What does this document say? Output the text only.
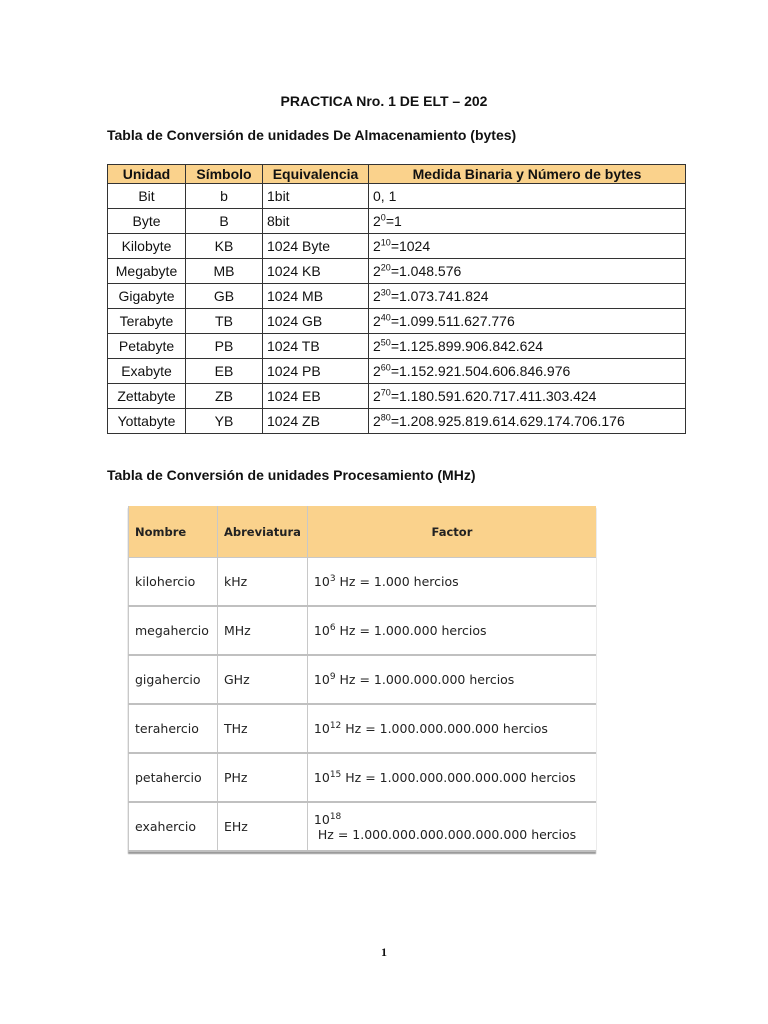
PRACTICA Nro. 1 DE ELT – 202
Tabla de Conversión de unidades De Almacenamiento (bytes)
Unidad	Símbolo	Equivalencia	Medida Binaria y Número de bytes
Bit	b	1bit	0, 1
Byte	B	8bit	$2^0=1$
Kilobyte	KB	1024 Byte	$2^{10}=1024$
Megabyte	MB	1024 KB	$2^{20}=1.048.576$
Gigabyte	GB	1024 MB	$2^{30}=1.073.741.824$
Terabyte	TB	1024 GB	$2^{40}=1.099.511.627.776$
Petabyte	PB	1024 TB	$2^{50}=1.125.899.906.842.624$
Exabyte	EB	1024 PB	$2^{60}=1.152.921.504.606.846.976$
Zettabyte	ZB	1024 EB	$2^{70}=1.180.591.620.717.411.303.424$
Yottabyte	YB	1024 ZB	$2^{80}=1.208.925.819.614.629.174.706.176$
Tabla de Conversión de unidades Procesamiento (MHz)
Nombre	Abreviatura	Factor
kilohercio	kHz	$10^3$ Hz = 1.000 hercios
megahercio	MHz	$10^6$ Hz = 1.000.000 hercios
gigahercio	GHz	$10^9$ Hz = 1.000.000.000 hercios
terahercio	THz	$10^{12}$ Hz = 1.000.000.000.000 hercios
petahercio	PHz	$10^{15}$ Hz = 1.000.000.000.000.000 hercios
exahercio	EHz	$10^{18}$ Hz = 1.000.000.000.000.000.000 hercios
1
